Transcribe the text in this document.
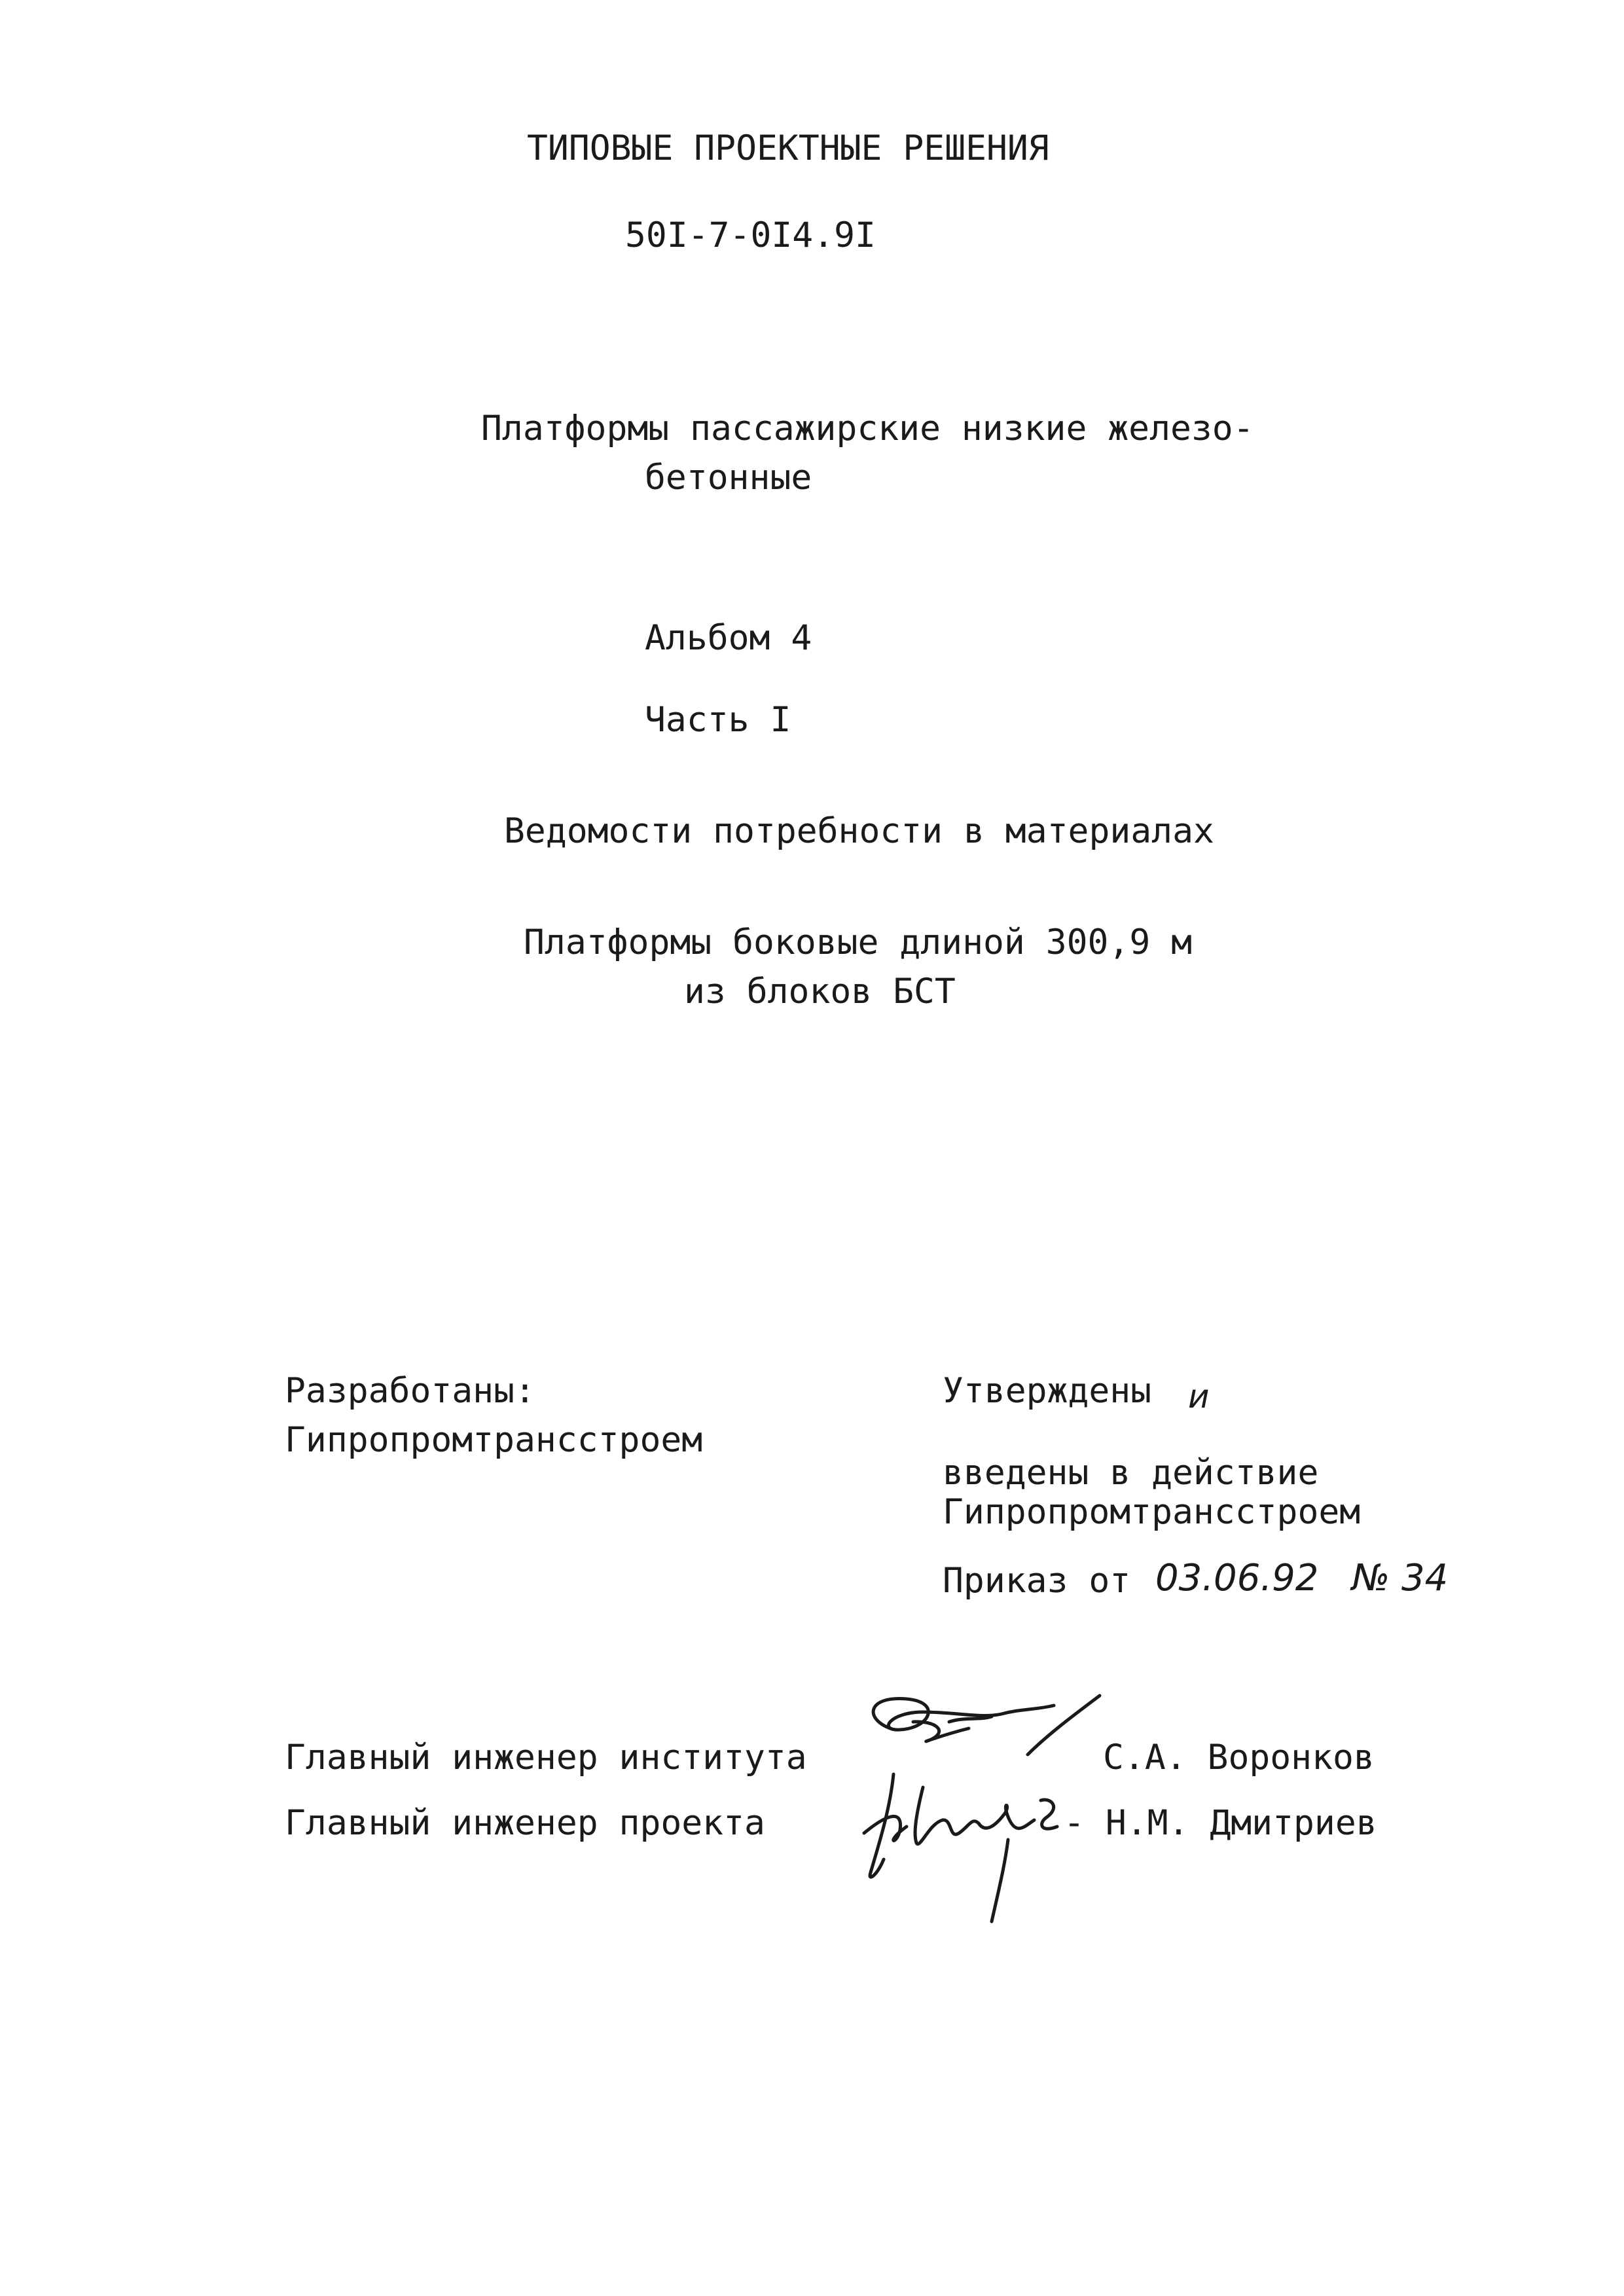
ТИПОВЫЕ ПРОЕКТНЫЕ РЕШЕНИЯ
50I-7-0I4.9I
Платформы пассажирские низкие железо-
бетонные
Альбом 4
Часть I
Ведомости потребности в материалах
Платформы боковые длиной 300,9 м
из блоков БСТ
Разработаны:
Гипропромтрансстроем
Утверждены и
введены в действие
Гипропромтрансстроем
Приказ от 03.06.92 № 34
Главный инженер института	С.А. Воронков
Главный инженер проекта	- Н.М. Дмитриев
